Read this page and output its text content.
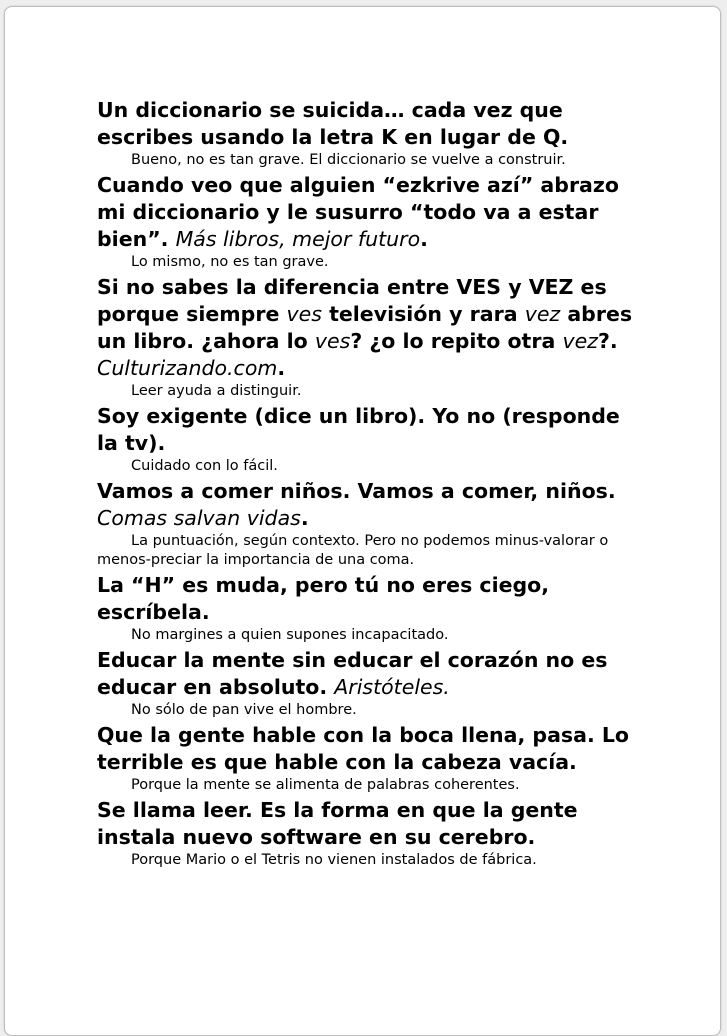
Un diccionario se suicida… cada vez que escribes usando la letra K en lugar de Q.

Bueno, no es tan grave. El diccionario se vuelve a construir.

Cuando veo que alguien “ezkrive azí” abrazo mi diccionario y le susurro “todo va a estar bien”. Más libros, mejor futuro.

Lo mismo, no es tan grave.

Si no sabes la diferencia entre VES y VEZ es porque siempre ves televisión y rara vez abres un libro. ¿ahora lo ves? ¿o lo repito otra vez?. Culturizando.com.

Leer ayuda a distinguir.

Soy exigente (dice un libro). Yo no (responde la tv).

Cuidado con lo fácil.

Vamos a comer niños. Vamos a comer, niños. Comas salvan vidas.

La puntuación, según contexto. Pero no podemos minus-valorar o menos-preciar la importancia de una coma.

La “H” es muda, pero tú no eres ciego, escríbela.

No margines a quien supones incapacitado.

Educar la mente sin educar el corazón no es educar en absoluto. Aristóteles.

No sólo de pan vive el hombre.

Que la gente hable con la boca llena, pasa. Lo terrible es que hable con la cabeza vacía.

Porque la mente se alimenta de palabras coherentes.

Se llama leer. Es la forma en que la gente instala nuevo software en su cerebro.

Porque Mario o el Tetris no vienen instalados de fábrica.
